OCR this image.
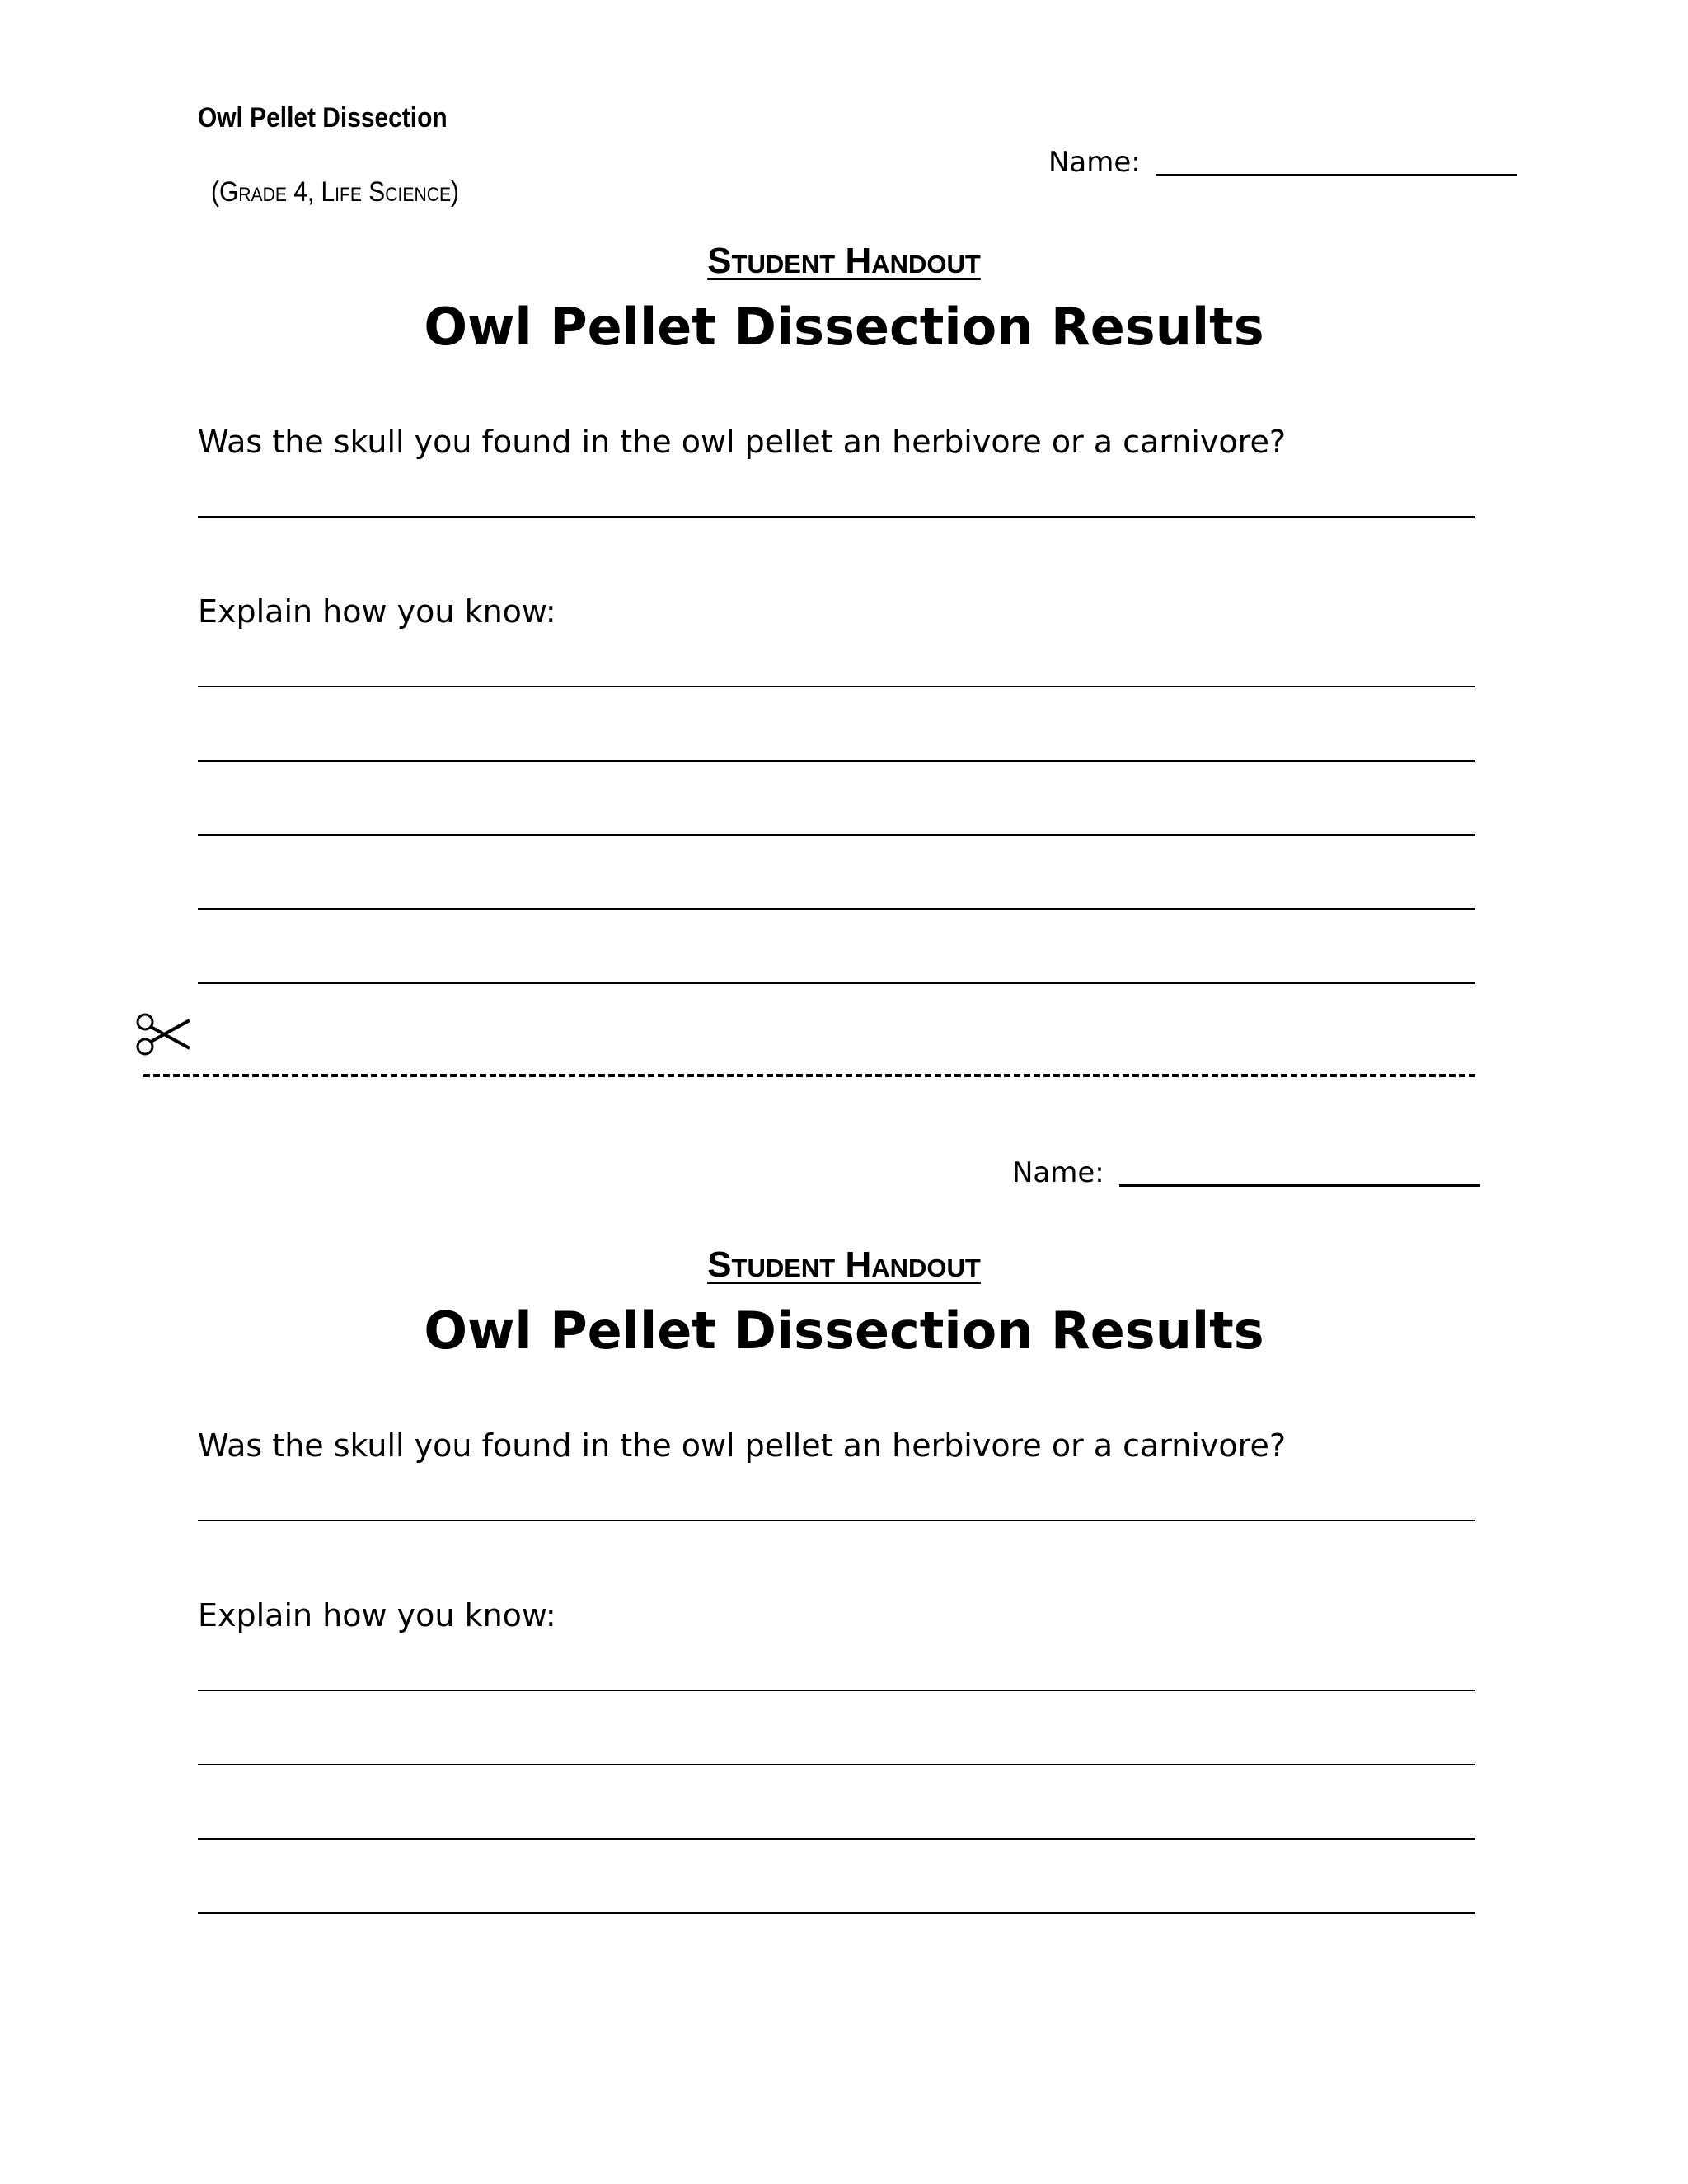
Owl Pellet Dissection
(Grade 4, Life Science)
Name:
Student Handout
Owl Pellet Dissection Results
Was the skull you found in the owl pellet an herbivore or a carnivore?
Explain how you know:
Name:
Student Handout
Owl Pellet Dissection Results
Was the skull you found in the owl pellet an herbivore or a carnivore?
Explain how you know:
